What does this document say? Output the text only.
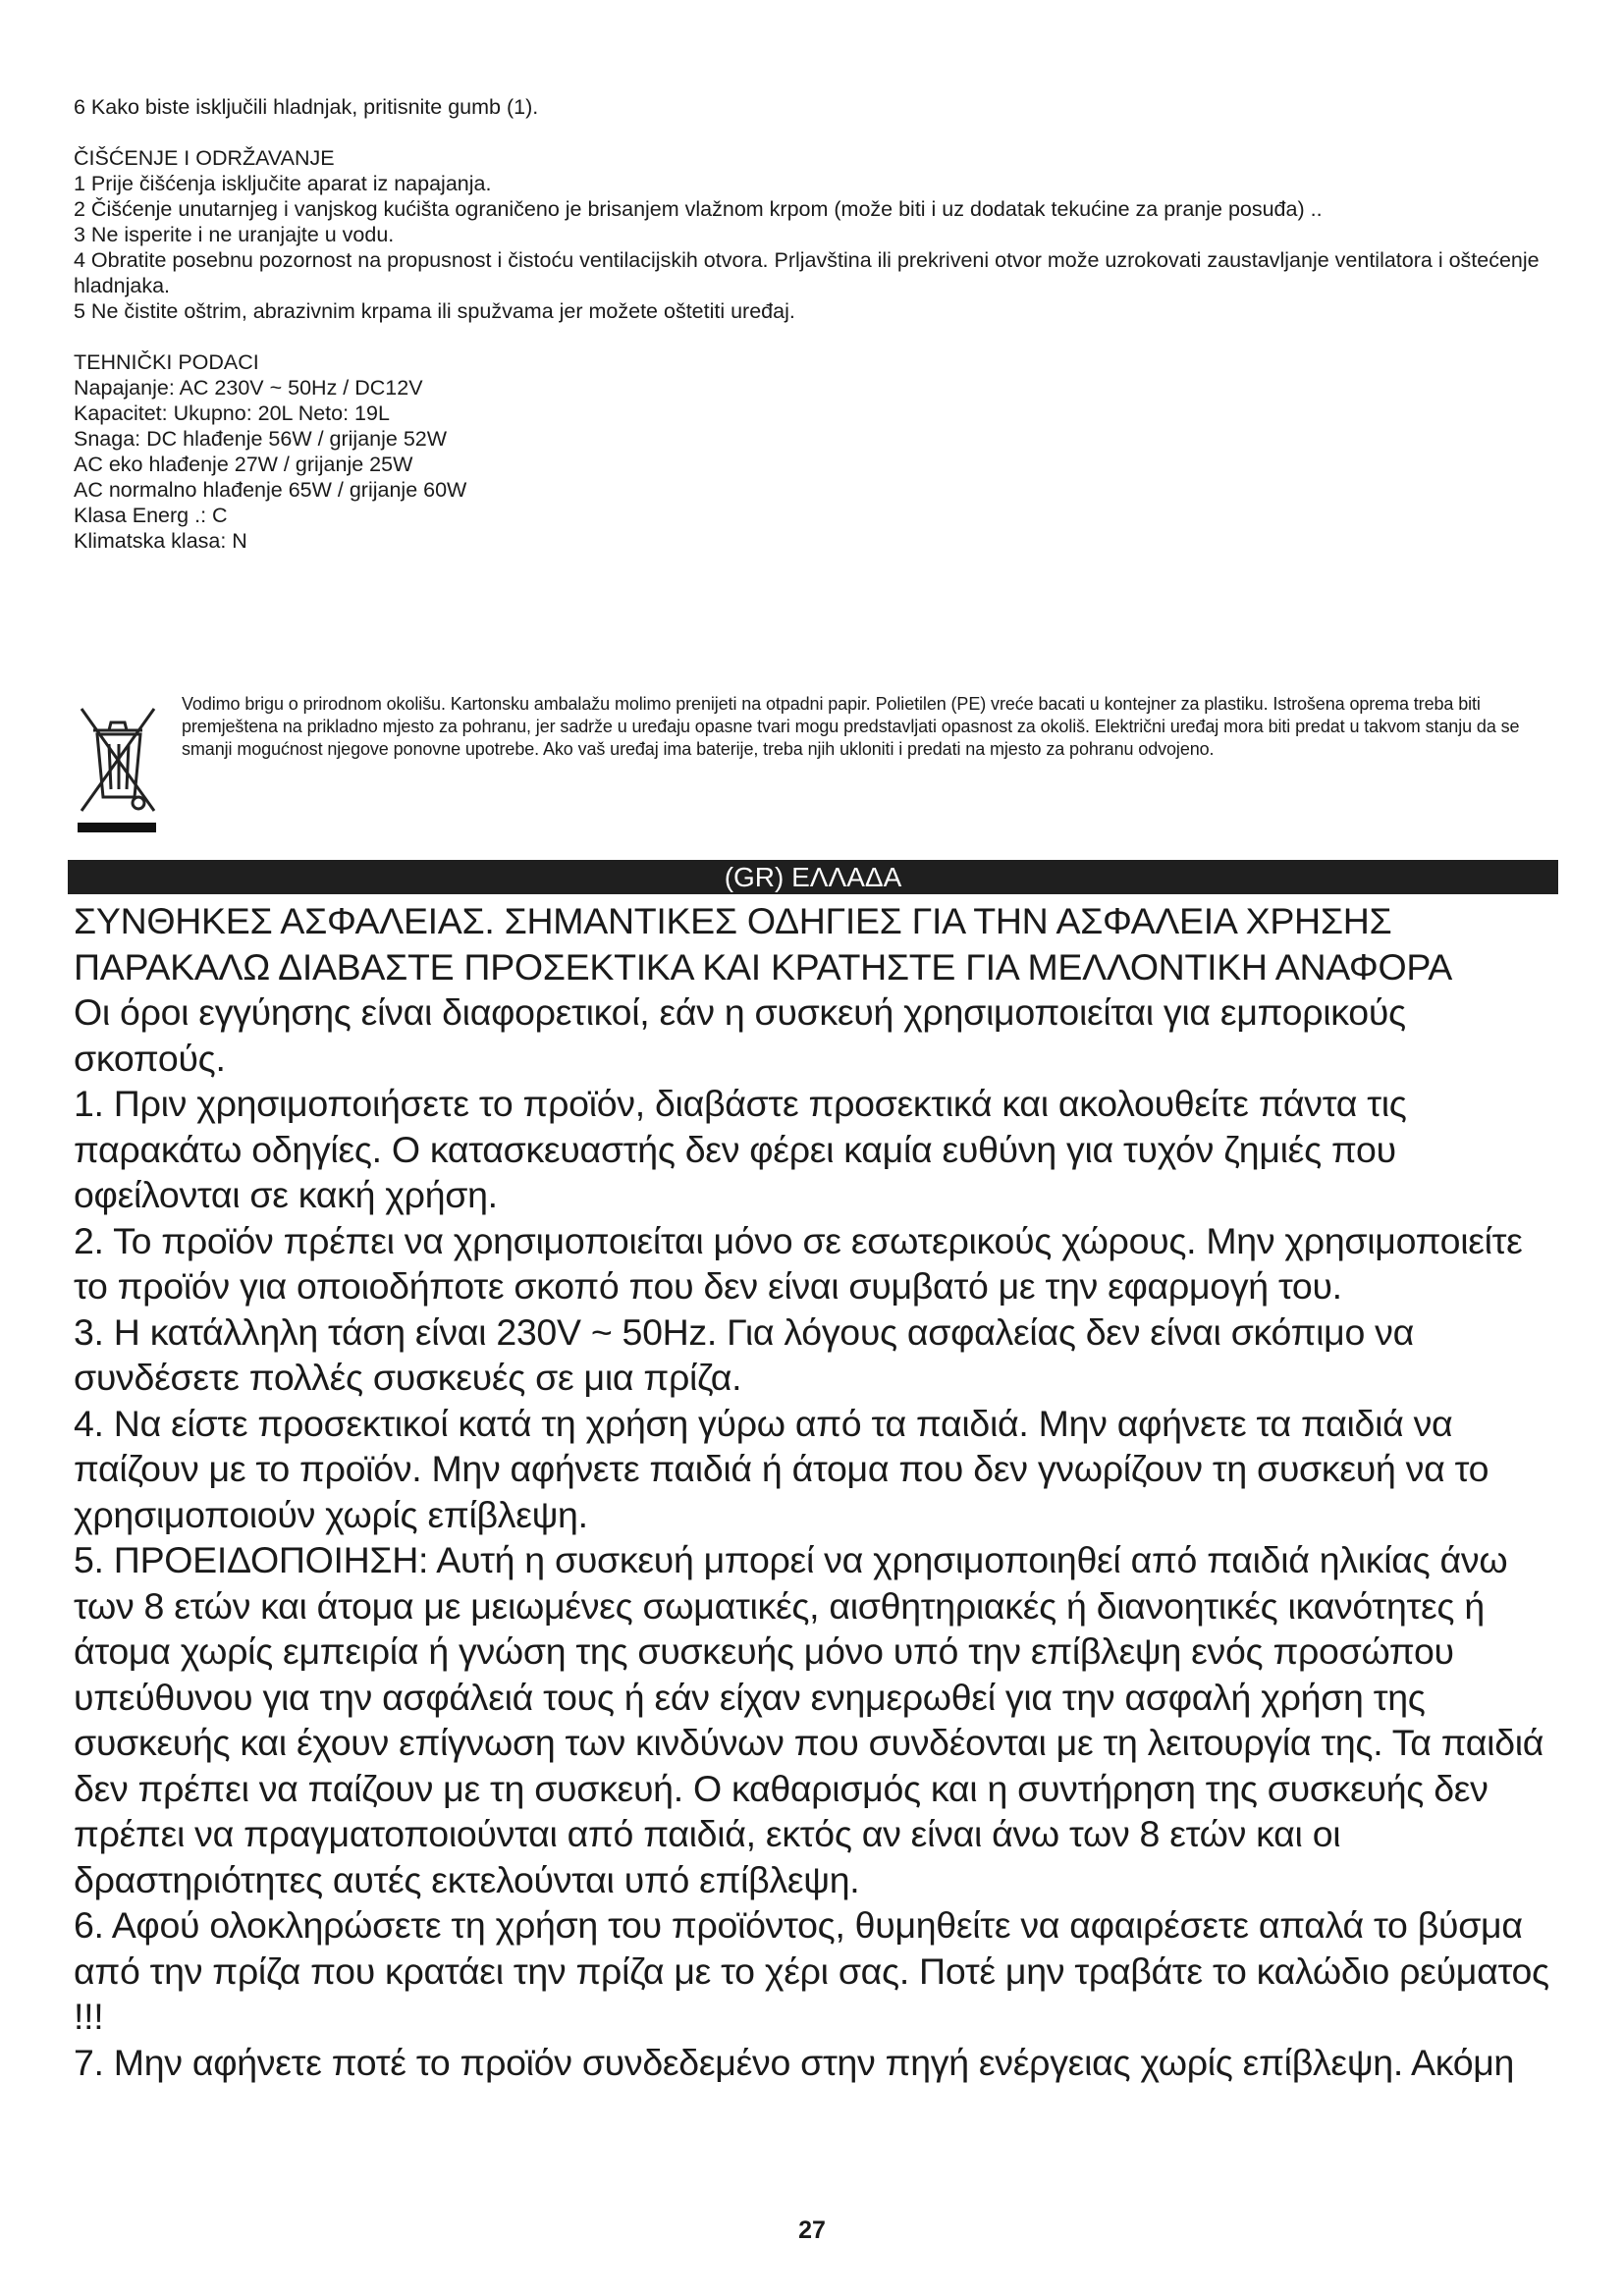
6 Kako biste isključili hladnjak, pritisnite gumb (1).

ČIŠĆENJE I ODRŽAVANJE

1 Prije čišćenja isključite aparat iz napajanja.

2 Čišćenje unutarnjeg i vanjskog kućišta ograničeno je brisanjem vlažnom krpom (može biti i uz dodatak tekućine za pranje posuđa) ..

3 Ne isperite i ne uranjajte u vodu.

4 Obratite posebnu pozornost na propusnost i čistoću ventilacijskih otvora. Prljavština ili prekriveni otvor može uzrokovati zaustavljanje ventilatora i oštećenje hladnjaka.

5 Ne čistite oštrim, abrazivnim krpama ili spužvama jer možete oštetiti uređaj.

TEHNIČKI PODACI

Napajanje: AC 230V ~ 50Hz / DC12V

Kapacitet: Ukupno: 20L Neto: 19L

Snaga: DC hlađenje 56W / grijanje 52W

AC eko hlađenje 27W / grijanje 25W

AC normalno hlađenje 65W / grijanje 60W

Klasa Energ .: C

Klimatska klasa: N

Vodimo brigu o prirodnom okolišu. Kartonsku ambalažu molimo prenijeti na otpadni papir. Polietilen (PE) vreće bacati u kontejner za plastiku. Istrošena oprema treba biti premještena na prikladno mjesto za pohranu, jer sadrže u uređaju opasne tvari mogu predstavljati opasnost za okoliš. Električni uređaj mora biti predat u takvom stanju da se smanji mogućnost njegove ponovne upotrebe. Ako vaš uređaj ima baterije, treba njih ukloniti i predati na mjesto za pohranu odvojeno.
(GR) ΕΛΛΑΔΑ

ΣΥΝΘΗΚΕΣ ΑΣΦΑΛΕΙΑΣ. ΣΗΜΑΝΤΙΚΕΣ ΟΔΗΓΙΕΣ ΓΙΑ ΤΗΝ ΑΣΦΑΛΕΙΑ ΧΡΗΣΗΣ

ΠΑΡΑΚΑΛΩ ΔΙΑΒΑΣΤΕ ΠΡΟΣΕΚΤΙΚΑ ΚΑΙ ΚΡΑΤΗΣΤΕ ΓΙΑ ΜΕΛΛΟΝΤΙΚΗ ΑΝΑΦΟΡΑ

Οι όροι εγγύησης είναι διαφορετικοί, εάν η συσκευή χρησιμοποιείται για εμπορικούς σκοπούς.

1. Πριν χρησιμοποιήσετε το προϊόν, διαβάστε προσεκτικά και ακολουθείτε πάντα τις παρακάτω οδηγίες. Ο κατασκευαστής δεν φέρει καμία ευθύνη για τυχόν ζημιές που οφείλονται σε κακή χρήση.

2. Το προϊόν πρέπει να χρησιμοποιείται μόνο σε εσωτερικούς χώρους. Μην χρησιμοποιείτε το προϊόν για οποιοδήποτε σκοπό που δεν είναι συμβατό με την εφαρμογή του.

3. Η κατάλληλη τάση είναι 230V ~ 50Hz. Για λόγους ασφαλείας δεν είναι σκόπιμο να συνδέσετε πολλές συσκευές σε μια πρίζα.

4. Να είστε προσεκτικοί κατά τη χρήση γύρω από τα παιδιά. Μην αφήνετε τα παιδιά να παίζουν με το προϊόν. Μην αφήνετε παιδιά ή άτομα που δεν γνωρίζουν τη συσκευή να το χρησιμοποιούν χωρίς επίβλεψη.

5. ΠΡΟΕΙΔΟΠΟΙΗΣΗ: Αυτή η συσκευή μπορεί να χρησιμοποιηθεί από παιδιά ηλικίας άνω των 8 ετών και άτομα με μειωμένες σωματικές, αισθητηριακές ή διανοητικές ικανότητες ή άτομα χωρίς εμπειρία ή γνώση της συσκευής μόνο υπό την επίβλεψη ενός προσώπου υπεύθυνου για την ασφάλειά τους ή εάν είχαν ενημερωθεί για την ασφαλή χρήση της συσκευής και έχουν επίγνωση των κινδύνων που συνδέονται με τη λειτουργία της. Τα παιδιά δεν πρέπει να παίζουν με τη συσκευή. Ο καθαρισμός και η συντήρηση της συσκευής δεν πρέπει να πραγματοποιούνται από παιδιά, εκτός αν είναι άνω των 8 ετών και οι δραστηριότητες αυτές εκτελούνται υπό επίβλεψη.

6. Αφού ολοκληρώσετε τη χρήση του προϊόντος, θυμηθείτε να αφαιρέσετε απαλά το βύσμα από την πρίζα που κρατάει την πρίζα με το χέρι σας. Ποτέ μην τραβάτε το καλώδιο ρεύματος !!!

7. Μην αφήνετε ποτέ το προϊόν συνδεδεμένο στην πηγή ενέργειας χωρίς επίβλεψη. Ακόμη

27
